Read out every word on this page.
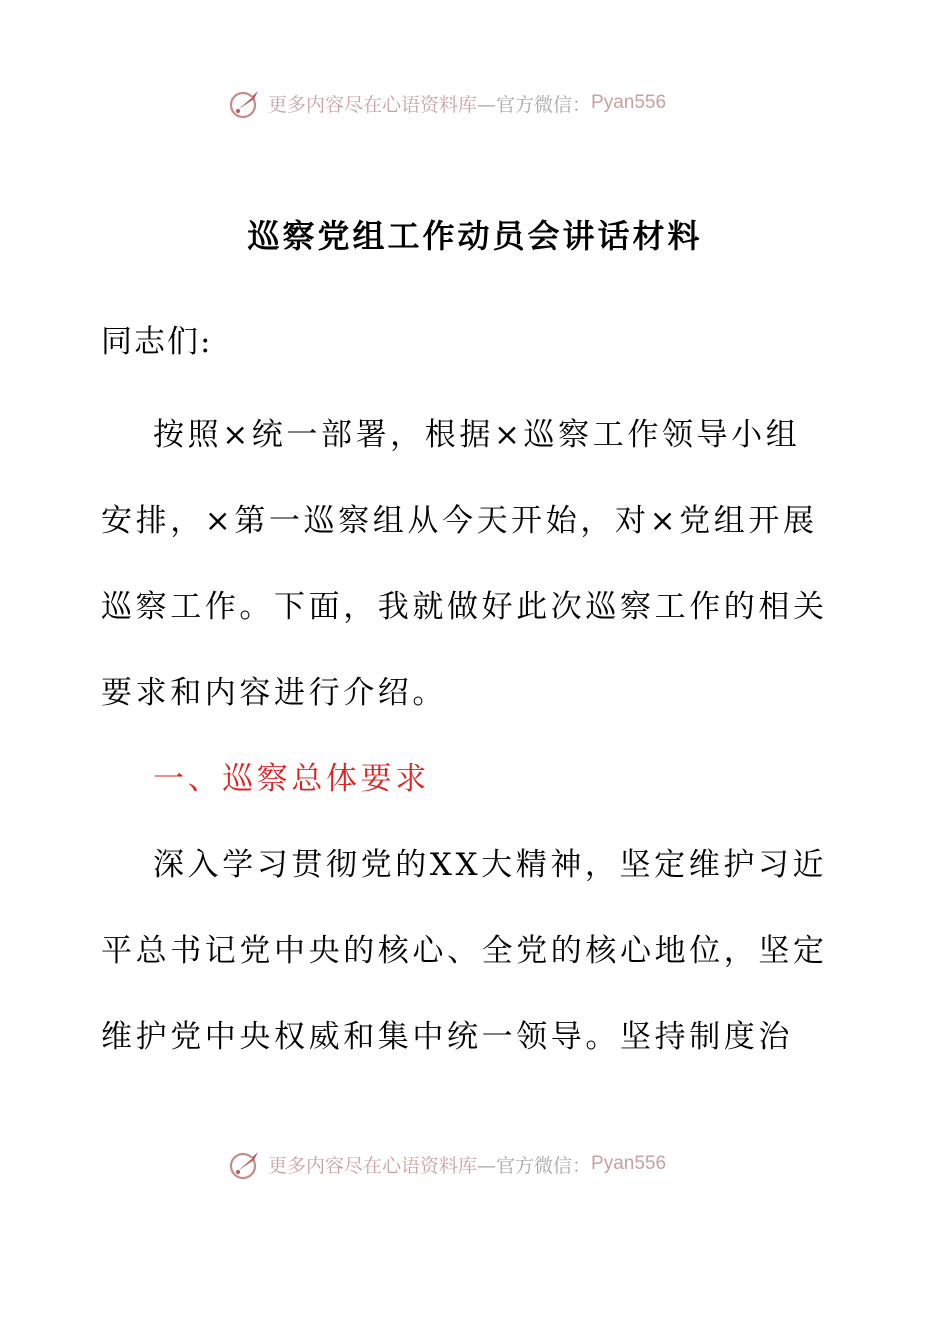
更多内容尽在心语资料库 —官方微信： Pyan556
巡察党组工作动员会讲话材料
同志们:
按照×统一部署，根据×巡察工作领导小组
安排，×第一巡察组从今天开始，对×党组开展
巡察工作。下面，我就做好此次巡察工作的相关
要求和内容进行介绍。
一、巡察总体要求
深入学习贯彻党的XX大精神，坚定维护习近
平总书记党中央的核心、全党的核心地位，坚定
维护党中央权威和集中统一领导。坚持制度治
更多内容尽在心语资料库 —官方微信： Pyan556
